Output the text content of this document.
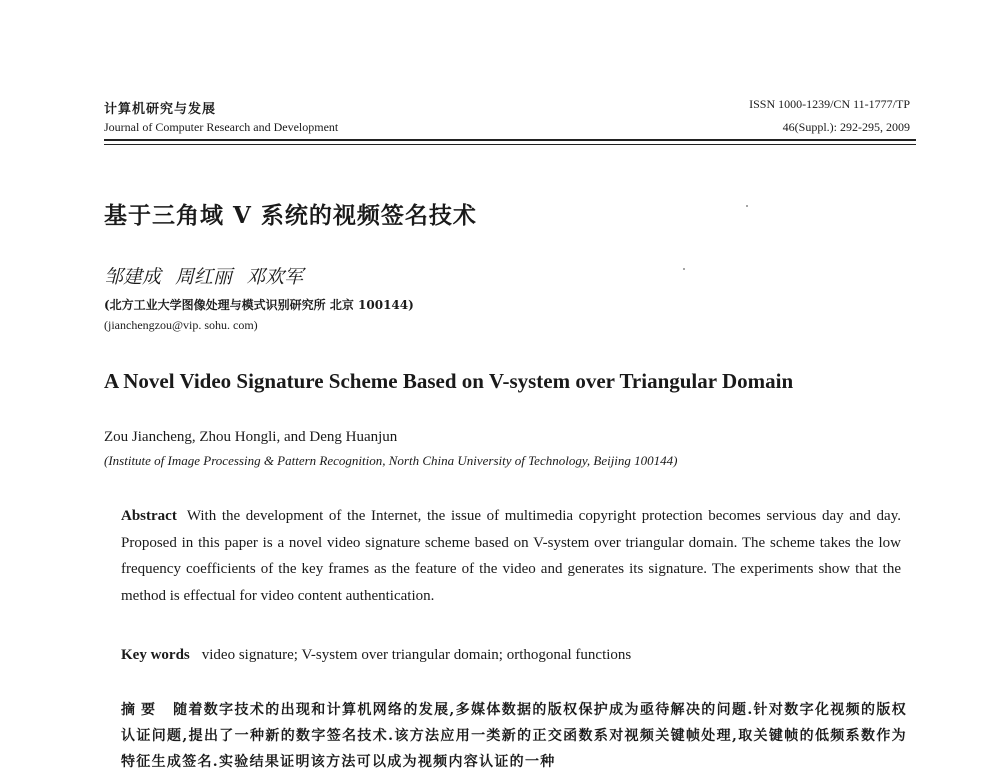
计算机研究与发展
Journal of Computer Research and Development
ISSN 1000-1239/CN 11-1777/TP
46(Suppl.): 292-295, 2009
基于三角域 V 系统的视频签名技术
邹建成 周红丽 邓欢军
(北方工业大学图像处理与模式识别研究所 北京 100144)
(jianchengzou@vip. sohu. com)
A Novel Video Signature Scheme Based on V-system over Triangular Domain
Zou Jiancheng, Zhou Hongli, and Deng Huanjun
(Institute of Image Processing & Pattern Recognition, North China University of Technology, Beijing 100144)
Abstract With the development of the Internet, the issue of multimedia copyright protection becomes servious day and day. Proposed in this paper is a novel video signature scheme based on V-system over triangular domain. The scheme takes the low frequency coefficients of the key frames as the feature of the video and generates its signature. The experiments show that the method is effectual for video content authentication.
Key words video signature; V-system over triangular domain; orthogonal functions
摘要 随着数字技术的出现和计算机网络的发展,多媒体数据的版权保护成为亟待解决的问题.针对数字化视频的版权认证问题,提出了一种新的数字签名技术.该方法应用一类新的正交函数系对视频关键帧处理,取关键帧的低频系数作为特征生成签名.实验结果证明该方法可以成为视频内容认证的一种
